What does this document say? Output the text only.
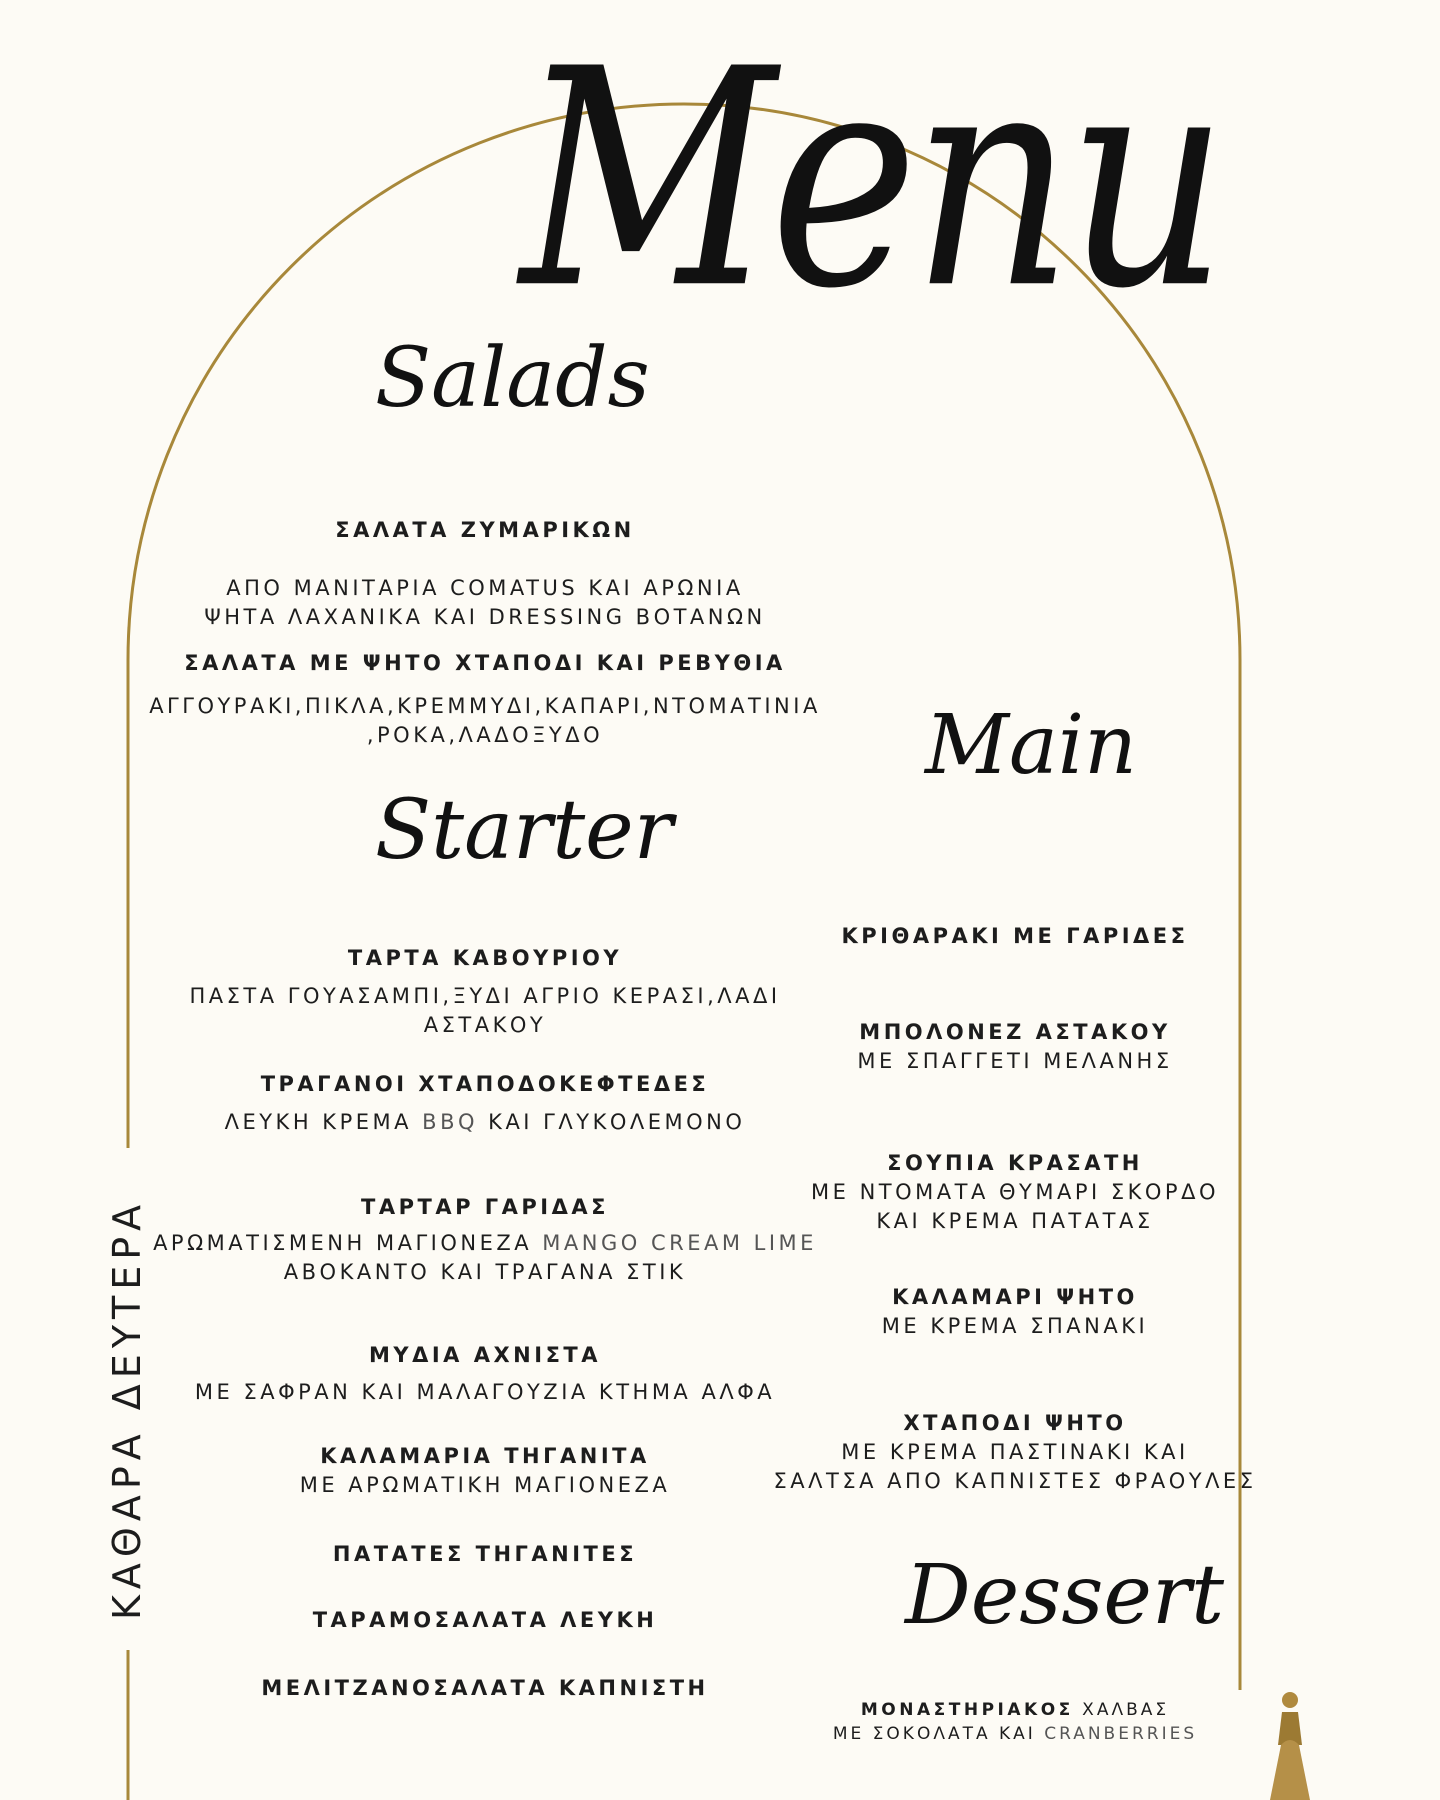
Menu
Salads
Starter
Main
Dessert
ΚΑΘΑΡΑ ΔΕΥΤΕΡΑ
ΣΑΛΑΤΑ ΖΥΜΑΡΙΚΩΝ
ΑΠΟ ΜΑΝΙΤΑΡΙΑ COMATUS ΚΑΙ ΑΡΩΝΙΑ
ΨΗΤΑ ΛΑΧΑΝΙΚΑ ΚΑΙ DRESSING ΒΟΤΑΝΩΝ
ΣΑΛΑΤΑ ΜΕ ΨΗΤΟ ΧΤΑΠΟΔΙ ΚΑΙ ΡΕΒΥΘΙΑ
ΑΓΓΟΥΡΑΚΙ,ΠΙΚΛΑ,ΚΡΕΜΜΥΔΙ,ΚΑΠΑΡΙ,ΝΤΟΜΑΤΙΝΙΑ
,ΡΟΚΑ,ΛΑΔΟΞΥΔΟ
ΤΑΡΤΑ ΚΑΒΟΥΡΙΟΥ
ΠΑΣΤΑ ΓΟΥΑΣΑΜΠΙ,ΞΥΔΙ ΑΓΡΙΟ ΚΕΡΑΣΙ,ΛΑΔΙ
ΑΣΤΑΚΟΥ
ΤΡΑΓΑΝΟΙ ΧΤΑΠΟΔΟΚΕΦΤΕΔΕΣ
ΛΕΥΚΗ ΚΡΕΜΑ BBQ ΚΑΙ ΓΛΥΚΟΛΕΜΟΝΟ
ΤΑΡΤΑΡ ΓΑΡΙΔΑΣ
ΑΡΩΜΑΤΙΣΜΕΝΗ ΜΑΓΙΟΝΕΖΑ MANGO CREAM LIME
ΑΒΟΚΑΝΤΟ ΚΑΙ ΤΡΑΓΑΝΑ ΣΤΙΚ
ΜΥΔΙΑ ΑΧΝΙΣΤΑ
ΜΕ ΣΑΦΡΑΝ ΚΑΙ ΜΑΛΑΓΟΥΖΙΑ ΚΤΗΜΑ ΑΛΦΑ
ΚΑΛΑΜΑΡΙΑ ΤΗΓΑΝΙΤΑ
ΜΕ ΑΡΩΜΑΤΙΚΗ ΜΑΓΙΟΝΕΖΑ
ΠΑΤΑΤΕΣ ΤΗΓΑΝΙΤΕΣ
ΤΑΡΑΜΟΣΑΛΑΤΑ ΛΕΥΚΗ
ΜΕΛΙΤΖΑΝΟΣΑΛΑΤΑ ΚΑΠΝΙΣΤΗ
ΚΡΙΘΑΡΑΚΙ ΜΕ ΓΑΡΙΔΕΣ
ΜΠΟΛΟΝΕΖ ΑΣΤΑΚΟΥ
ΜΕ ΣΠΑΓΓΕΤΙ ΜΕΛΑΝΗΣ
ΣΟΥΠΙΑ ΚΡΑΣΑΤΗ
ΜΕ ΝΤΟΜΑΤΑ ΘΥΜΑΡΙ ΣΚΟΡΔΟ
ΚΑΙ ΚΡΕΜΑ ΠΑΤΑΤΑΣ
ΚΑΛΑΜΑΡΙ ΨΗΤΟ
ΜΕ ΚΡΕΜΑ ΣΠΑΝΑΚΙ
ΧΤΑΠΟΔΙ ΨΗΤΟ
ΜΕ ΚΡΕΜΑ ΠΑΣΤΙΝΑΚΙ ΚΑΙ
ΣΑΛΤΣΑ ΑΠΟ ΚΑΠΝΙΣΤΕΣ ΦΡΑΟΥΛΕΣ
ΜΟΝΑΣΤΗΡΙΑΚΟΣ ΧΑΛΒΑΣ
ΜΕ ΣΟΚΟΛΑΤΑ ΚΑΙ CRANBERRIES
